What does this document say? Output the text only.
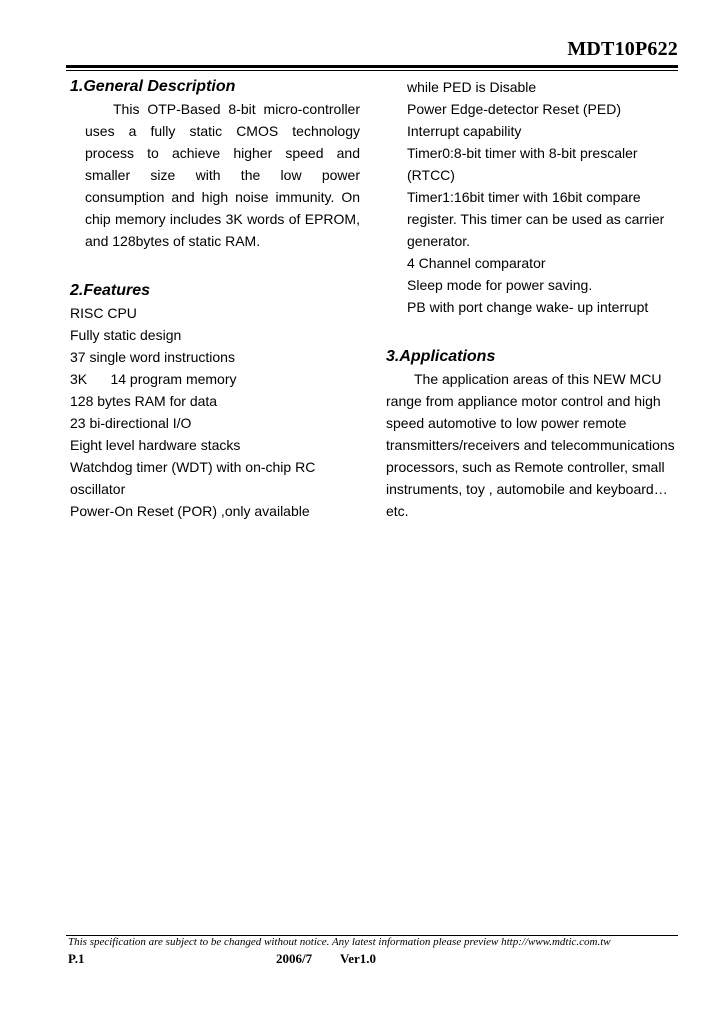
MDT10P622
1.General Description

This OTP-Based 8-bit micro-controller uses a fully static CMOS technology process to achieve higher speed and smaller size with the low power consumption and high noise immunity. On chip memory includes 3K words of EPROM, and 128bytes of static RAM.

2.Features
RISC CPU
Fully static design
37 single word instructions
3K      14 program memory
128 bytes RAM for data
23 bi-directional I/O
Eight level hardware stacks
Watchdog timer (WDT) with on-chip RC oscillator
Power-On Reset (POR) ,only available
while PED is Disable
Power Edge-detector Reset (PED)
Interrupt capability
Timer0:8-bit timer with 8-bit prescaler (RTCC)
Timer1:16bit timer with 16bit compare register. This timer can be used as carrier generator.
4 Channel comparator
Sleep mode for power saving.
PB with port change wake- up interrupt
3.Applications

The application areas of this NEW MCU range from appliance motor control and high speed automotive to low power remote transmitters/receivers and telecommunications processors, such as Remote controller, small instruments, toy , automobile and keyboard…etc.

This specification are subject to be changed without notice. Any latest information please preview http://www.mdtic.com.tw
P.1	2006/7 Ver1.0
